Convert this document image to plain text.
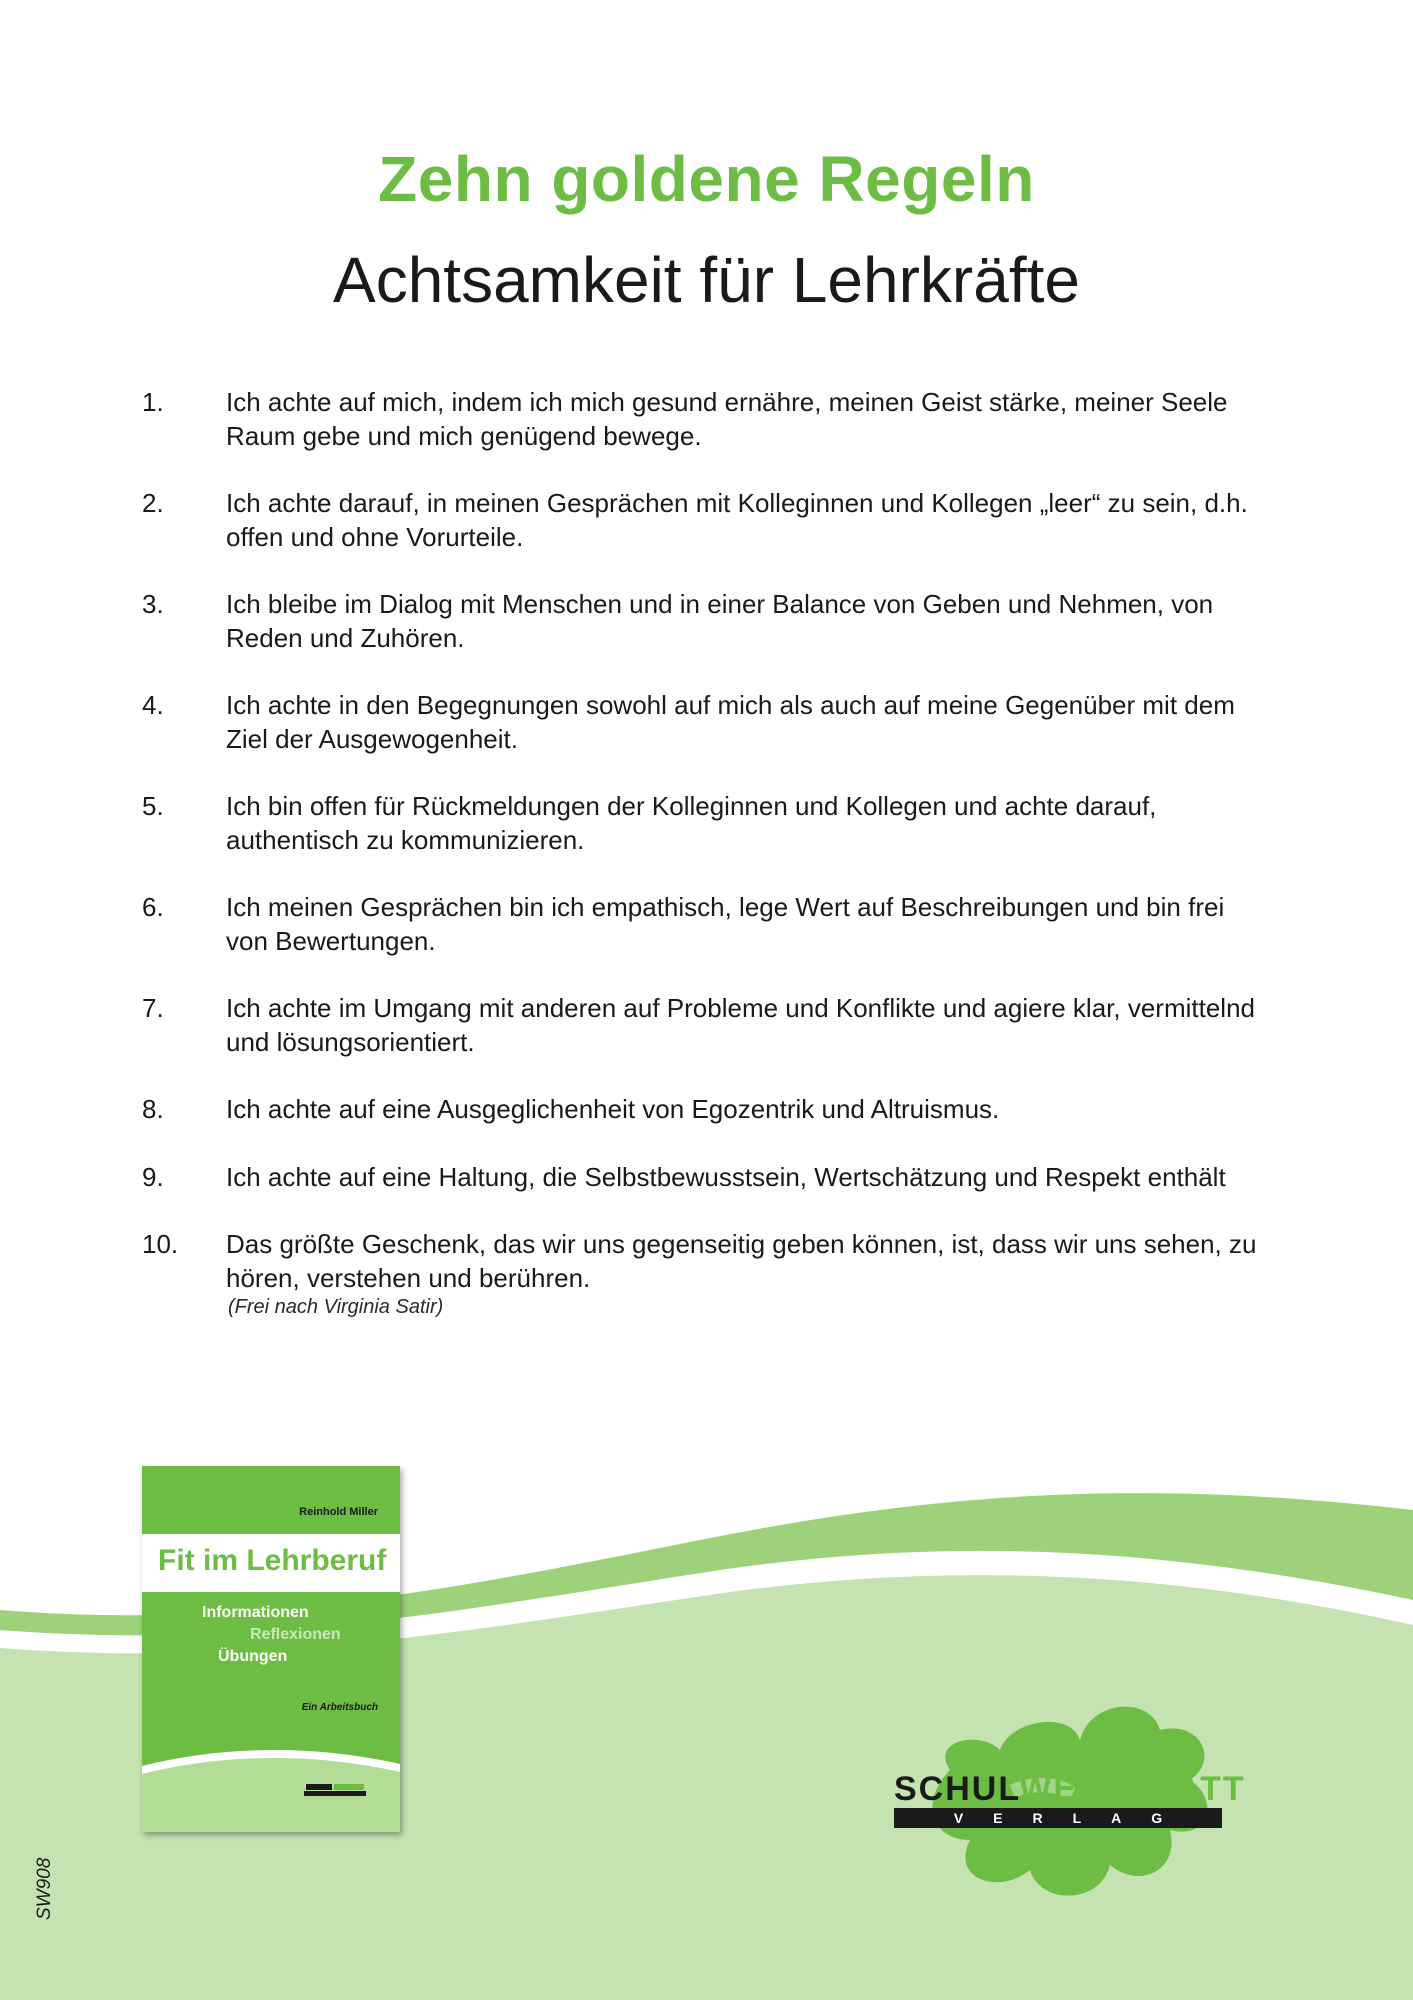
Zehn goldene Regeln
Achtsamkeit für Lehrkräfte
1. Ich achte auf mich, indem ich mich gesund ernähre, meinen Geist stärke, meiner Seele Raum gebe und mich genügend bewege.
2. Ich achte darauf, in meinen Gesprächen mit Kolleginnen und Kollegen „leer“ zu sein, d.h. offen und ohne Vorurteile.
3. Ich bleibe im Dialog mit Menschen und in einer Balance von Geben und Nehmen, von Reden und Zuhören.
4. Ich achte in den Begegnungen sowohl auf mich als auch auf meine Gegenüber mit dem Ziel der Ausgewogenheit.
5. Ich bin offen für Rückmeldungen der Kolleginnen und Kollegen und achte darauf, authentisch zu kommunizieren.
6. Ich meinen Gesprächen bin ich empathisch, lege Wert auf Beschreibungen und bin frei von Bewertungen.
7. Ich achte im Umgang mit anderen auf Probleme und Konflikte und agiere klar, vermittelnd und lösungsorientiert.
8. Ich achte auf eine Ausgeglichenheit von Egozentrik und Altruismus.
9. Ich achte auf eine Haltung, die Selbstbewusstsein, Wertschätzung und Respekt enthält
10. Das größte Geschenk, das wir uns gegenseitig geben können, ist, dass wir uns sehen, zu hören, verstehen und berühren.
(Frei nach Virginia Satir)
Reinhold Miller
Fit im Lehrberuf
Informationen
Reflexionen
Übungen
Ein Arbeitsbuch
SCHULWERKSTATT
VERLAG
SW908
